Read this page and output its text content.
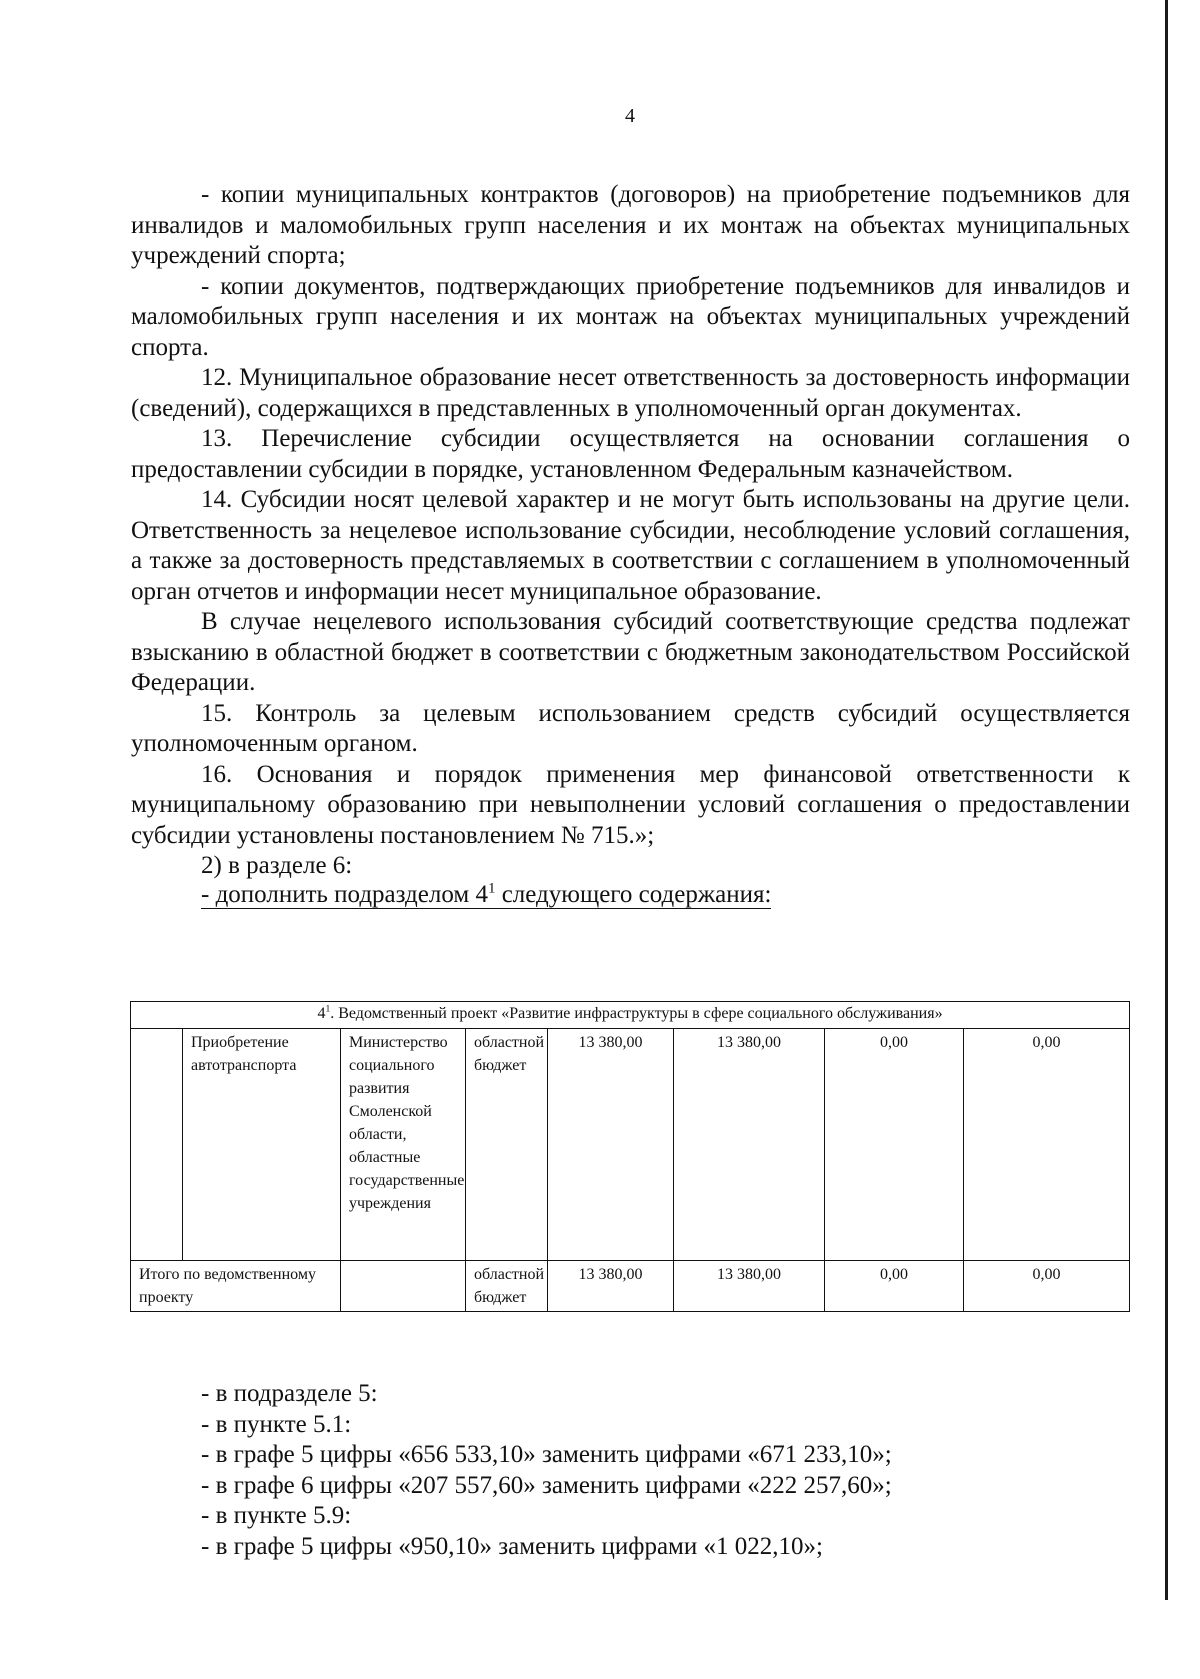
4

- копии муниципальных контрактов (договоров) на приобретение подъемников для инвалидов и маломобильных групп населения и их монтаж на объектах муниципальных учреждений спорта;

- копии документов, подтверждающих приобретение подъемников для инвалидов и маломобильных групп населения и их монтаж на объектах муниципальных учреждений спорта.

12. Муниципальное образование несет ответственность за достоверность информации (сведений), содержащихся в представленных в уполномоченный орган документах.

13. Перечисление субсидии осуществляется на основании соглашения о предоставлении субсидии в порядке, установленном Федеральным казначейством.

14. Субсидии носят целевой характер и не могут быть использованы на другие цели. Ответственность за нецелевое использование субсидии, несоблюдение условий соглашения, а также за достоверность представляемых в соответствии с соглашением в уполномоченный орган отчетов и информации несет муниципальное образование.

В случае нецелевого использования субсидий соответствующие средства подлежат взысканию в областной бюджет в соответствии с бюджетным законодательством Российской Федерации.

15. Контроль за целевым использованием средств субсидий осуществляется уполномоченным органом.

16. Основания и порядок применения мер финансовой ответственности к муниципальному образованию при невыполнении условий соглашения о предоставлении субсидии установлены постановлением № 715.»;

2) в разделе 6:

- дополнить подразделом $4^1$ следующего содержания:

$4^1$. Ведомственный проект «Развитие инфраструктуры в сфере социального обслуживания»							
	Приобретение автотранспорта	Министерство социального развития Смоленской области, областные государственные учреждения	областной бюджет	13 380,00	13 380,00	0,00	0,00
Итого по ведомственному проекту			областной бюджет	13 380,00	13 380,00	0,00	0,00

- в подразделе 5:

- в пункте 5.1:

- в графе 5 цифры «656 533,10» заменить цифрами «671 233,10»;

- в графе 6 цифры «207 557,60» заменить цифрами «222 257,60»;

- в пункте 5.9:

- в графе 5 цифры «950,10» заменить цифрами «1 022,10»;
